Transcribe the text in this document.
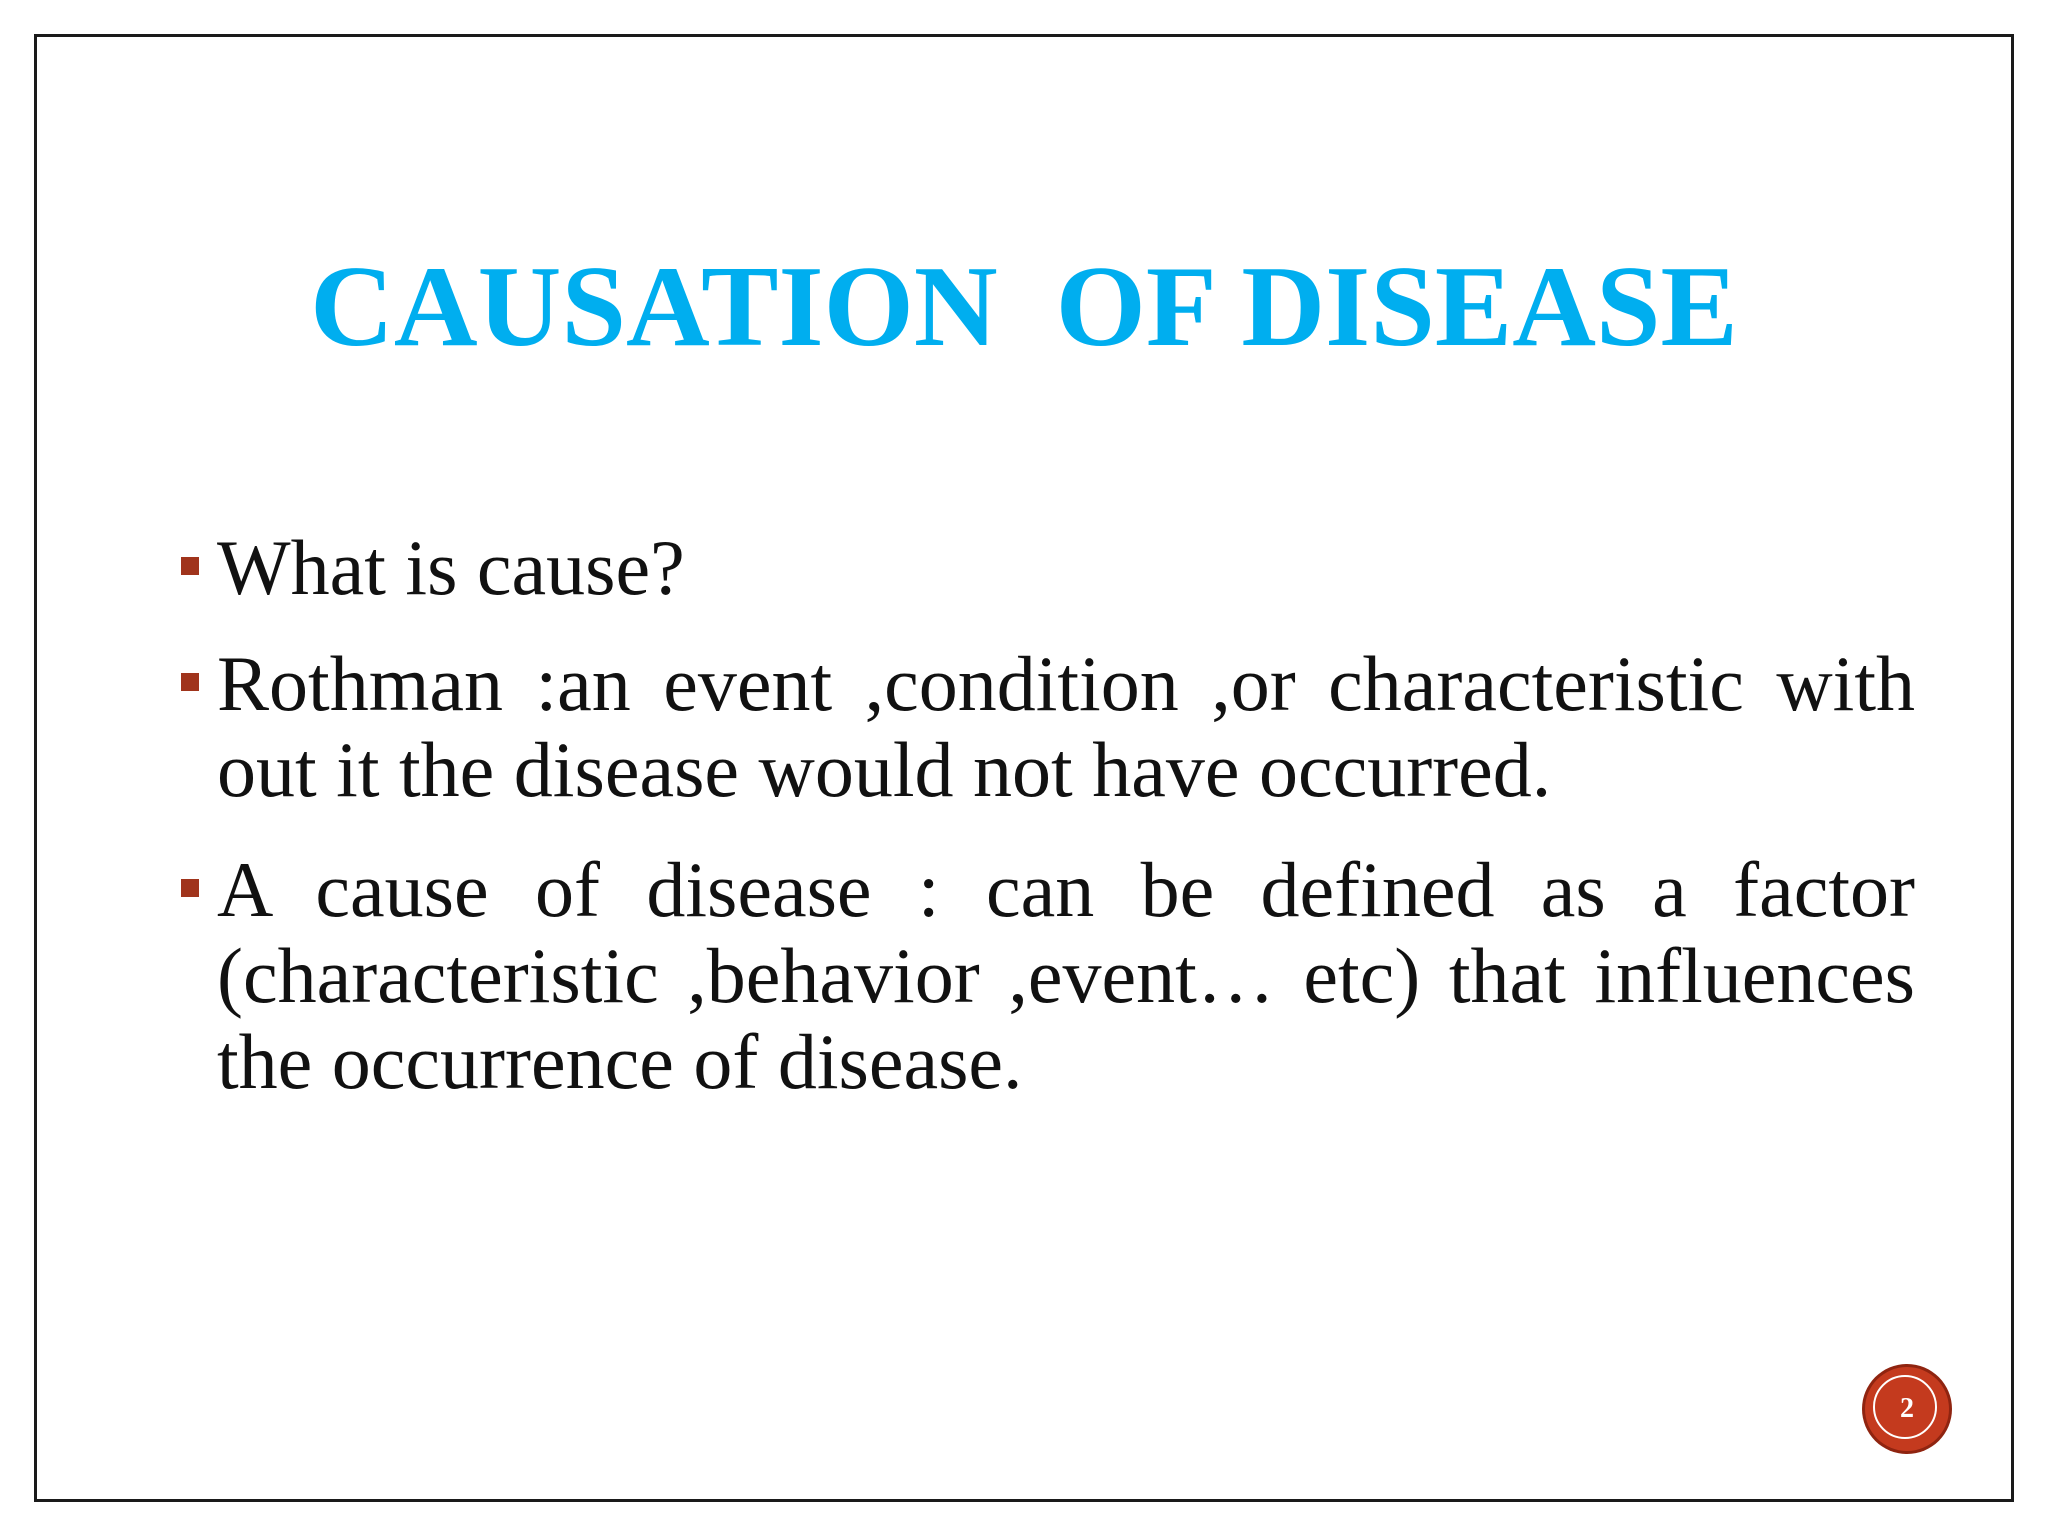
CAUSATION  OF DISEASE
What is cause?
Rothman :an event ,condition ,or characteristic with out it the disease would not have occurred.
A cause of disease : can be defined as a factor (characteristic ,behavior ,event… etc) that influences the occurrence of disease.
2
